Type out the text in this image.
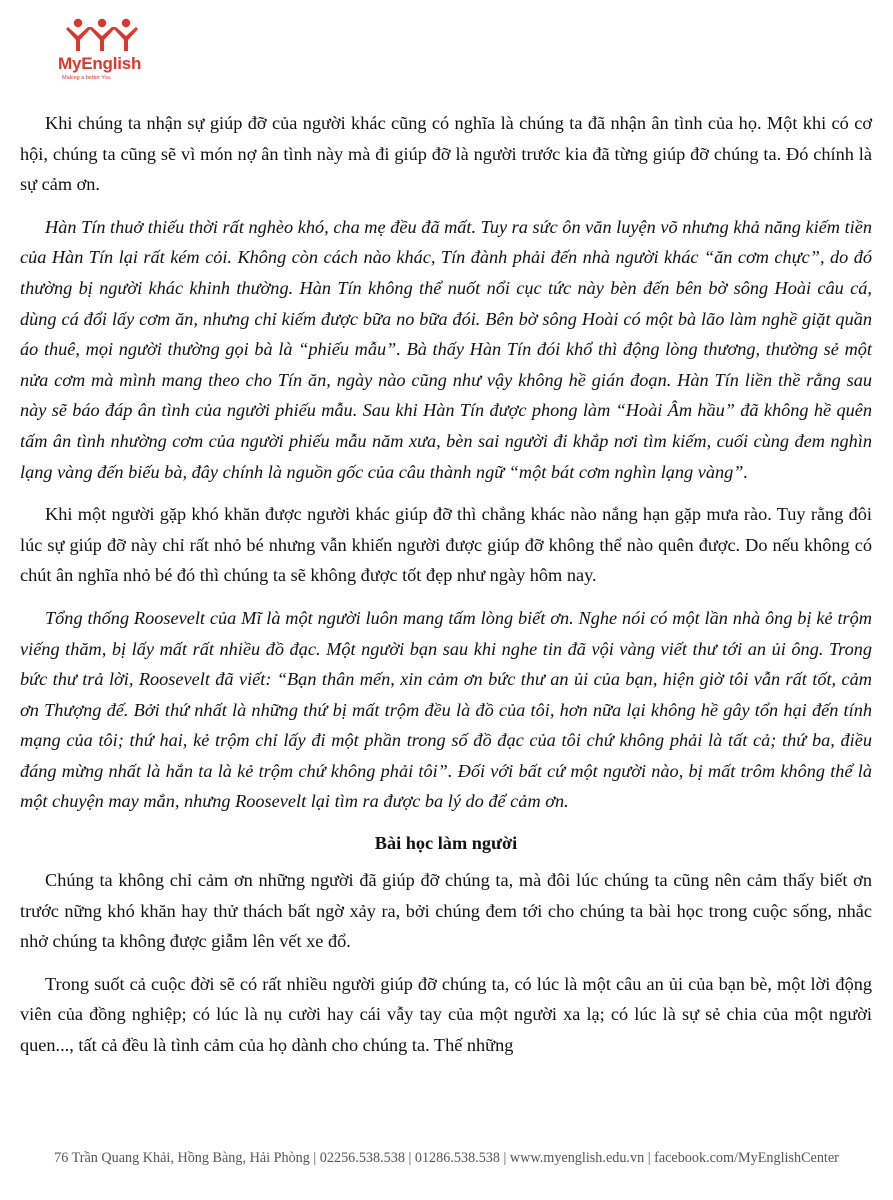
MyEnglish
Making a better You

Khi chúng ta nhận sự giúp đỡ của người khác cũng có nghĩa là chúng ta đã nhận ân tình của họ. Một khi có cơ hội, chúng ta cũng sẽ vì món nợ ân tình này mà đi giúp đỡ là người trước kia đã từng giúp đỡ chúng ta. Đó chính là sự cảm ơn.

Hàn Tín thuở thiếu thời rất nghèo khó, cha mẹ đều đã mất. Tuy ra sức ôn văn luyện võ nhưng khả năng kiếm tiền của Hàn Tín lại rất kém cỏi. Không còn cách nào khác, Tín đành phải đến nhà người khác “ăn cơm chực”, do đó thường bị người khác khinh thường. Hàn Tín không thể nuốt nổi cục tức này bèn đến bên bờ sông Hoài câu cá, dùng cá đổi lấy cơm ăn, nhưng chỉ kiếm được bữa no bữa đói. Bên bờ sông Hoài có một bà lão làm nghề giặt quần áo thuê, mọi người thường gọi bà là “phiếu mẫu”. Bà thấy Hàn Tín đói khổ thì động lòng thương, thường sẻ một nửa cơm mà mình mang theo cho Tín ăn, ngày nào cũng như vậy không hề gián đoạn. Hàn Tín liền thề rằng sau này sẽ báo đáp ân tình của người phiếu mẫu. Sau khi Hàn Tín được phong làm “Hoài Âm hầu” đã không hề quên tấm ân tình nhường cơm của người phiếu mẫu năm xưa, bèn sai người đi khắp nơi tìm kiếm, cuối cùng đem nghìn lạng vàng đến biếu bà, đây chính là nguồn gốc của câu thành ngữ “một bát cơm nghìn lạng vàng”.

Khi một người gặp khó khăn được người khác giúp đỡ thì chẳng khác nào nắng hạn gặp mưa rào. Tuy rằng đôi lúc sự giúp đỡ này chỉ rất nhỏ bé nhưng vẫn khiến người được giúp đỡ không thể nào quên được. Do nếu không có chút ân nghĩa nhỏ bé đó thì chúng ta sẽ không được tốt đẹp như ngày hôm nay.

Tổng thống Roosevelt của Mĩ là một người luôn mang tấm lòng biết ơn. Nghe nói có một lần nhà ông bị kẻ trộm viếng thăm, bị lấy mất rất nhiều đồ đạc. Một người bạn sau khi nghe tin đã vội vàng viết thư tới an ủi ông. Trong bức thư trả lời, Roosevelt đã viết: “Bạn thân mến, xin cảm ơn bức thư an ủi của bạn, hiện giờ tôi vẫn rất tốt, cảm ơn Thượng đế. Bởi thứ nhất là những thứ bị mất trộm đều là đồ của tôi, hơn nữa lại không hề gây tổn hại đến tính mạng của tôi; thứ hai, kẻ trộm chỉ lấy đi một phần trong số đồ đạc của tôi chứ không phải là tất cả; thứ ba, điều đáng mừng nhất là hắn ta là kẻ trộm chứ không phải tôi”. Đối với bất cứ một người nào, bị mất trôm không thể là một chuyện may mắn, nhưng Roosevelt lại tìm ra được ba lý do để cảm ơn.

Bài học làm người

Chúng ta không chỉ cảm ơn những người đã giúp đỡ chúng ta, mà đôi lúc chúng ta cũng nên cảm thấy biết ơn trước nững khó khăn hay thử thách bất ngờ xảy ra, bởi chúng đem tới cho chúng ta bài học trong cuộc sống, nhắc nhở chúng ta không được giẫm lên vết xe đổ.

Trong suốt cả cuộc đời sẽ có rất nhiều người giúp đỡ chúng ta, có lúc là một câu an ủi của bạn bè, một lời động viên của đồng nghiệp; có lúc là nụ cười hay cái vẫy tay của một người xa lạ; có lúc là sự sẻ chia của một người quen..., tất cả đều là tình cảm của họ dành cho chúng ta. Thế những

76 Trần Quang Khải, Hồng Bàng, Hải Phòng | 02256.538.538 | 01286.538.538 | www.myenglish.edu.vn | facebook.com/MyEnglishCenter
